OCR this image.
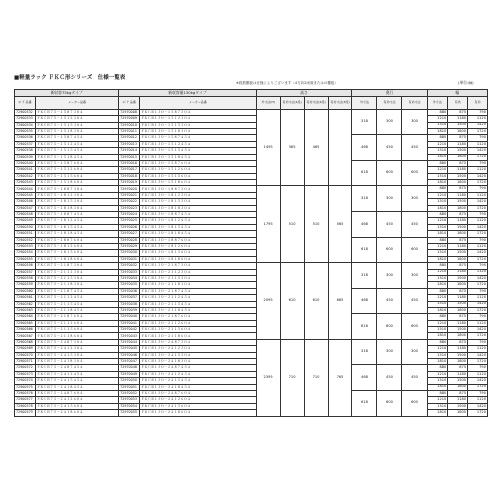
■軽量ラック ＦＫＣ形シリーズ　仕様一覧表
※段数棚板は仕様によりございます（4方向2両面またはの棚板）	(単位:㎜)
新収容75kgタイプ		新収容量130kgタイプ		高さ				奥行			幅		
ｽﾍﾟｸﾞ品番	メーカー品番	ｽﾍﾟｸﾞ品番	メーカー品番	外寸法(H)	有効寸法(1段)	有効寸法(2段)	有効寸法(3段)	外寸法	有効寸法	有効寸法	外寸法	有効	有効
72900532	ＦＫＣＢ７５－１５８７３０４	72970008	ＦＫＣＢ１３０－１５８７３０４	1495	365	465		318	300	300	880	875	790
72900533	ＦＫＣＢ７５－１５１２３０４	72970009	ＦＫＣＢ１３０－１５１２３０４								1210	1180	1120
72900534	ＦＫＣＢ７５－１５１５３０４	72970010	ＦＫＣＢ１３０－１５１５３０４								1510	1500	1420
72900535	ＦＫＣＢ７５－１５１８３０４	72970011	ＦＫＣＢ１３０－１５１８３０４								1810	1800	1720
72900536	ＦＫＣＢ７５－１５８７４５４	72970012	ＦＫＣＢ１３０－１５８７４５４					468	450	450	880	875	790
72900537	ＦＫＣＢ７５－１５１２４５４	72970013	ＦＫＣＢ１３０－１５１２４５４								1210	1180	1120
72900538	ＦＫＣＢ７５－１５１５４５４	72970014	ＦＫＣＢ１３０－１５１５４５４								1510	1500	1420
72900539	ＦＫＣＢ７５－１５１８４５４	72970015	ＦＫＣＢ１３０－１５１８４５４								1810	1800	1720
72900540	ＦＫＣＢ７５－１５８７６０４	72970016	ＦＫＣＢ１３０－１５８７６０４					618	600	600	880	875	790
72900541	ＦＫＣＢ７５－１５１２６０４	72970017	ＦＫＣＢ１３０－１５１２６０４								1210	1180	1120
72900542	ＦＫＣＢ７５－１５１５６０４	72970018	ＦＫＣＢ１３０－１５１５６０４								1510	1500	1420
72900543	ＦＫＣＢ７５－１５１８６０４	72970019	ＦＫＣＢ１３０－１５１８６０４								1810	1800	1720
72900544	ＦＫＣＢ７５－１８８７３０４	72970020	ＦＫＣＢ１３０－１８８７３０４	1795	510	510	565	318	300	300	880	875	790
72900545	ＦＫＣＢ７５－１８１２３０４	72970021	ＦＫＣＢ１３０－１８１２３０４								1210	1180	1120
72900546	ＦＫＣＢ７５－１８１５３０４	72970022	ＦＫＣＢ１３０－１８１５３０４								1510	1500	1420
72900547	ＦＫＣＢ７５－１８１８３０４	72970023	ＦＫＣＢ１３０－１８１８３０４								1810	1800	1720
72900548	ＦＫＣＢ７５－１８８７４５４	72970024	ＦＫＣＢ１３０－１８８７４５４					468	450	450	880	875	790
72900549	ＦＫＣＢ７５－１８１２４５４	72970025	ＦＫＣＢ１３０－１８１２４５４								1210	1180	1120
72900550	ＦＫＣＢ７５－１８１５４５４	72970026	ＦＫＣＢ１３０－１８１５４５４								1510	1500	1420
72900551	ＦＫＣＢ７５－１８１８４５４	72970027	ＦＫＣＢ１３０－１８１８４５４								1810	1800	1720
72900552	ＦＫＣＢ７５－１８８７６０４	72970028	ＦＫＣＢ１３０－１８８７６０４					618	600	600	880	875	790
72900553	ＦＫＣＢ７５－１８１２６０４	72970029	ＦＫＣＢ１３０－１８１２６０４								1210	1180	1120
72900554	ＦＫＣＢ７５－１８１５６０４	72970030	ＦＫＣＢ１３０－１８１５６０４								1510	1500	1420
72900555	ＦＫＣＢ７５－１８１８６０４	72970031	ＦＫＣＢ１３０－１８１８６０４								1810	1800	1720
72900556	ＦＫＣＢ７５－２１８７３０４	72970032	ＦＫＣＢ１３０－２１８７３０４	2095	610	610	665	318	300	300	880	875	790
72900557	ＦＫＣＢ７５－２１１２３０４	72970033	ＦＫＣＢ１３０－２１１２３０４								1210	1180	1120
72900558	ＦＫＣＢ７５－２１１５３０４	72970034	ＦＫＣＢ１３０－２１１５３０４								1510	1500	1420
72900559	ＦＫＣＢ７５－２１１８３０４	72970035	ＦＫＣＢ１３０－２１１８３０４								1810	1800	1720
72900560	ＦＫＣＢ７５－２１８７４５４	72970036	ＦＫＣＢ１３０－２１８７４５４					468	450	450	880	875	790
72900561	ＦＫＣＢ７５－２１１２４５４	72970037	ＦＫＣＢ１３０－２１１２４５４								1210	1180	1120
72900562	ＦＫＣＢ７５－２１１５４５４	72970038	ＦＫＣＢ１３０－２１１５４５４								1510	1500	1420
72900563	ＦＫＣＢ７５－２１１８４５４	72970039	ＦＫＣＢ１３０－２１１８４５４								1810	1800	1720
72900564	ＦＫＣＢ７５－２１８７６０４	72970040	ＦＫＣＢ１３０－２１８７６０４					618	600	600	880	875	790
72900565	ＦＫＣＢ７５－２１１２６０４	72970041	ＦＫＣＢ１３０－２１１２６０４								1210	1180	1120
72900566	ＦＫＣＢ７５－２１１５６０４	72970042	ＦＫＣＢ１３０－２１１５６０４								1510	1500	1420
72900567	ＦＫＣＢ７５－２１１８６０４	72970043	ＦＫＣＢ１３０－２１１８６０４								1810	1800	1720
72900568	ＦＫＣＢ７５－２４８７３０４	72970044	ＦＫＣＢ１３０－２４８７３０４	2395	710	710	765	318	300	300	880	875	790
72900569	ＦＫＣＢ７５－２４１２３０４	72970045	ＦＫＣＢ１３０－２４１２３０４								1210	1180	1120
72900570	ＦＫＣＢ７５－２４１５３０４	72970046	ＦＫＣＢ１３０－２４１５３０４								1510	1500	1420
72900571	ＦＫＣＢ７５－２４１８３０４	72970047	ＦＫＣＢ１３０－２４１８３０４								1810	1800	1720
72900572	ＦＫＣＢ７５－２４８７４５４	72970048	ＦＫＣＢ１３０－２４８７４５４					468	450	450	880	875	790
72900573	ＦＫＣＢ７５－２４１２４５４	72970049	ＦＫＣＢ１３０－２４１２４５４								1210	1180	1120
72900574	ＦＫＣＢ７５－２４１５４５４	72970050	ＦＫＣＢ１３０－２４１５４５４								1510	1500	1420
72900575	ＦＫＣＢ７５－２４１８４５４	72970051	ＦＫＣＢ１３０－２４１８４５４								1810	1800	1720
72900576	ＦＫＣＢ７５－２４８７６０４	72970052	ＦＫＣＢ１３０－２４８７６０４					618	600	600	880	875	790
72900577	ＦＫＣＢ７５－２４１２６０４	72970053	ＦＫＣＢ１３０－２４１２６０４								1210	1180	1120
72900578	ＦＫＣＢ７５－２４１５６０４	72970054	ＦＫＣＢ１３０－２４１５６０４								1510	1500	1420
72900579	ＦＫＣＢ７５－２４１８６０４	72970055	ＦＫＣＢ１３０－２４１８６０４								1810	1800	1720
